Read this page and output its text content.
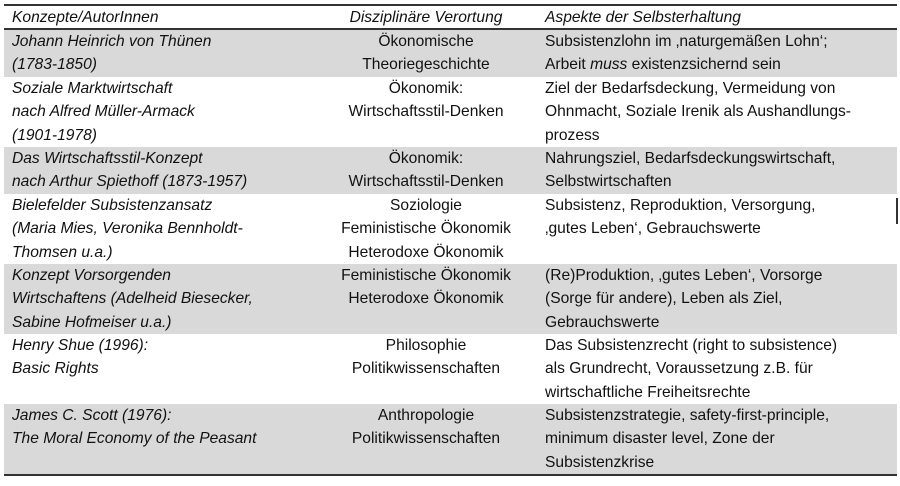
Konzepte/AutorInnen	Disziplinäre Verortung	Aspekte der Selbsterhaltung
Johann Heinrich von Thünen
(1783-1850)
Ökonomische
Theoriegeschichte
Subsistenzlohn im ‚naturgemäßen Lohn‘;
Arbeit muss existenzsichernd sein
Soziale Marktwirtschaft
nach Alfred Müller-Armack
(1901-1978)
Ökonomik:
Wirtschaftsstil-Denken
Ziel der Bedarfsdeckung, Vermeidung von
Ohnmacht, Soziale Irenik als Aushandlungs-
prozess
Das Wirtschaftsstil-Konzept
nach Arthur Spiethoff (1873-1957)
Ökonomik:
Wirtschaftsstil-Denken
Nahrungsziel, Bedarfsdeckungswirtschaft,
Selbstwirtschaften
Bielefelder Subsistenzansatz
(Maria Mies, Veronika Bennholdt-
Thomsen u.a.)
Soziologie
Feministische Ökonomik
Heterodoxe Ökonomik
Subsistenz, Reproduktion, Versorgung,
‚gutes Leben‘, Gebrauchswerte
Konzept Vorsorgenden
Wirtschaftens (Adelheid Biesecker,
Sabine Hofmeiser u.a.)
Feministische Ökonomik
Heterodoxe Ökonomik
(Re)Produktion, ‚gutes Leben‘, Vorsorge
(Sorge für andere), Leben als Ziel,
Gebrauchswerte
Henry Shue (1996):
Basic Rights
Philosophie
Politikwissenschaften
Das Subsistenzrecht (right to subsistence)
als Grundrecht, Voraussetzung z.B. für
wirtschaftliche Freiheitsrechte
James C. Scott (1976):
The Moral Economy of the Peasant
Anthropologie
Politikwissenschaften
Subsistenzstrategie, safety-first-principle,
minimum disaster level, Zone der
Subsistenzkrise
